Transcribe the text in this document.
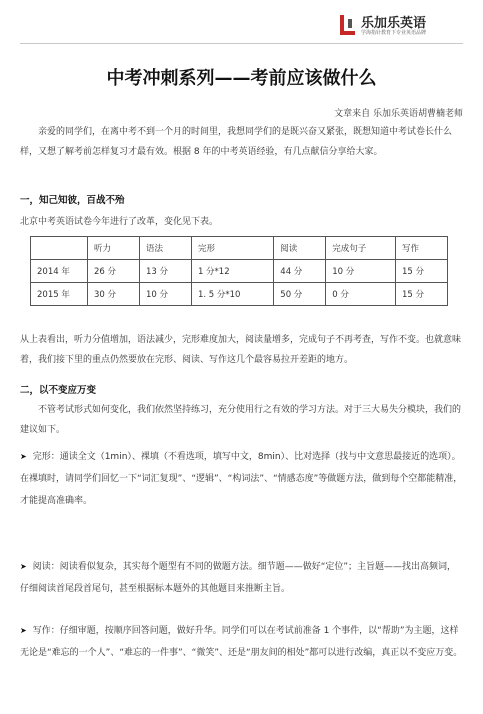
乐加乐英语
学海指针教育下专业英语品牌
中考冲刺系列——考前应该做什么
文章来自 乐加乐英语胡曹楠老师
亲爱的同学们，在离中考不到一个月的时间里，我想同学们的是既兴奋又紧张，既想知道中考试卷长什么样，又想了解考前怎样复习才最有效。根据 8 年的中考英语经验，有几点献信分享给大家。
一，知己知彼，百战不殆
北京中考英语试卷今年进行了改革，变化见下表。
	听力	语法	完形	阅读	完成句子	写作
2014 年	26 分	13 分	1 分*12	44 分	10 分	15 分
2015 年	30 分	10 分	1. 5 分*10	50 分	0 分	15 分
从上表看出，听力分值增加，语法减少，完形难度加大，阅读量增多，完成句子不再考查，写作不变。也就意味着，我们接下里的重点仍然要放在完形、阅读、写作这几个最容易拉开差距的地方。
二，以不变应万变
不管考试形式如何变化，我们依然坚持练习，充分使用行之有效的学习方法。对于三大易失分模块，我们的建议如下。
➤ 完形：通读全文（1min）、裸填（不看选项，填写中文，8min）、比对选择（找与中文意思最接近的选项）。在裸填时，请同学们回忆一下“词汇复现”、“逻辑”、“构词法”、“情感态度”等做题方法，做到每个空都能精准，才能提高准确率。
➤ 阅读：阅读看似复杂，其实每个题型有不同的做题方法。细节题——做好“定位”；主旨题——找出高频词，仔细阅读首尾段首尾句，甚至根据标本题外的其他题目来推断主旨。
➤ 写作：仔细审题，按顺序回答问题，做好升华。同学们可以在考试前准备 1 个事件，以“帮助”为主题，这样无论是“难忘的一个人”、“难忘的一件事”、“微笑”、还是“朋友间的相处”都可以进行改编，真正以不变应万变。
